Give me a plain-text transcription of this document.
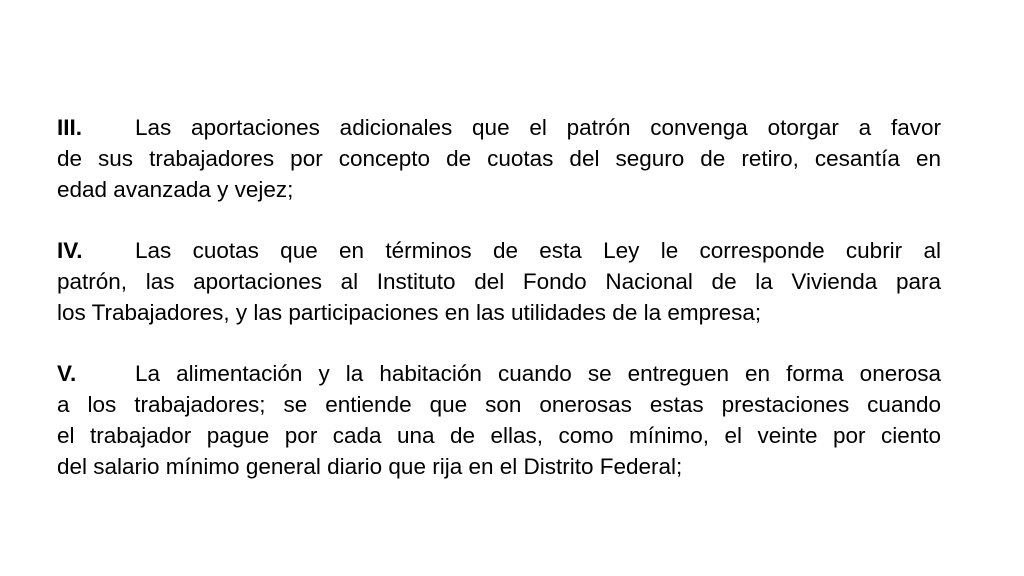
III. Las aportaciones adicionales que el patrón convenga otorgar a favor
de sus trabajadores por concepto de cuotas del seguro de retiro, cesantía en
edad avanzada y vejez;
IV. Las cuotas que en términos de esta Ley le corresponde cubrir al
patrón, las aportaciones al Instituto del Fondo Nacional de la Vivienda para
los Trabajadores, y las participaciones en las utilidades de la empresa;
V.	La alimentación y la habitación cuando se entreguen en forma onerosa
a los trabajadores; se entiende que son onerosas estas prestaciones cuando
el trabajador pague por cada una de ellas, como mínimo, el veinte por ciento
del salario mínimo general diario que rija en el Distrito Federal;
